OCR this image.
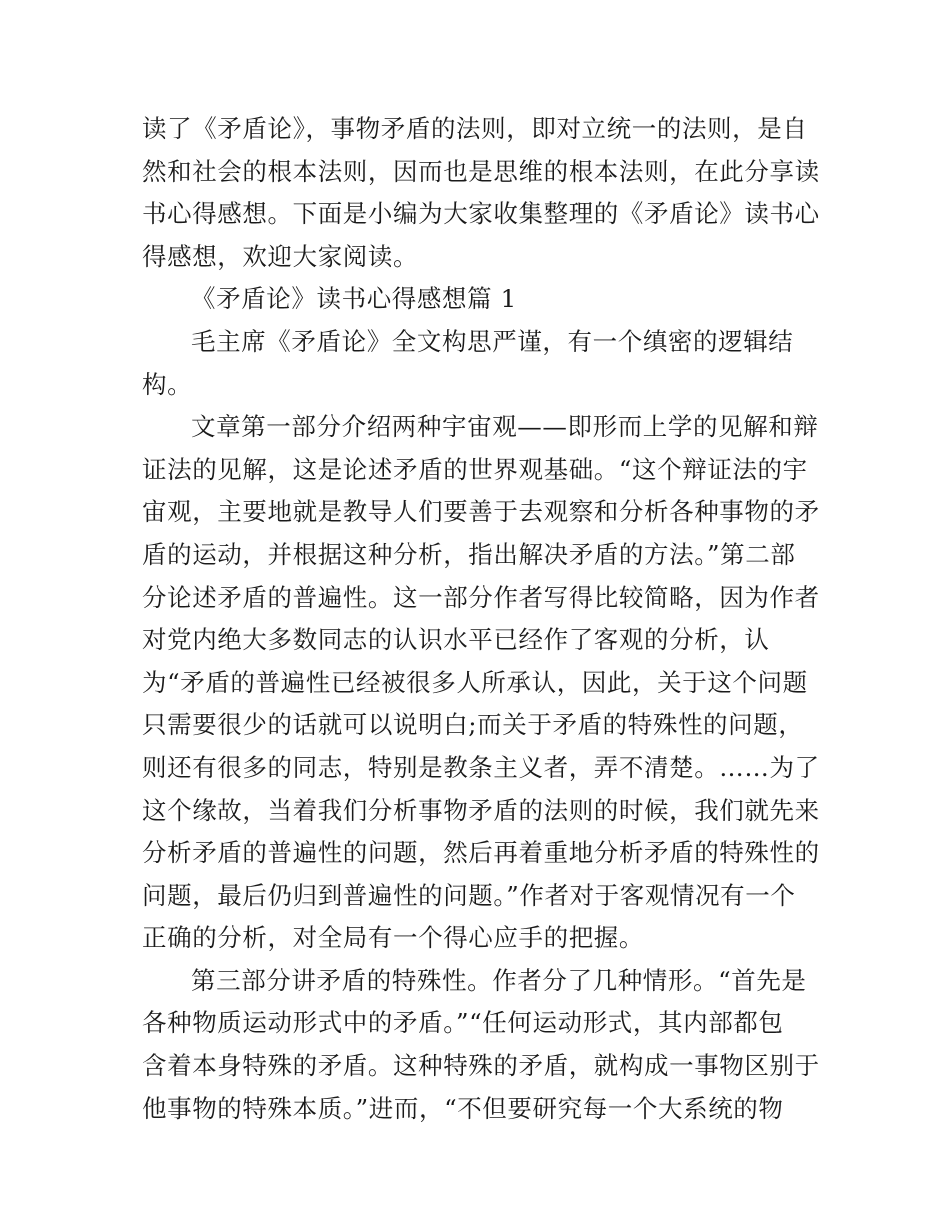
读了《矛盾论》，事物矛盾的法则，即对立统一的法则，是自
然和社会的根本法则，因而也是思维的根本法则，在此分享读
书心得感想。下面是小编为大家收集整理的《矛盾论》读书心
得感想，欢迎大家阅读。

《矛盾论》读书心得感想篇 1

毛主席《矛盾论》全文构思严谨，有一个缜密的逻辑结
构。

文章第一部分介绍两种宇宙观——即形而上学的见解和辩
证法的见解，这是论述矛盾的世界观基础。“这个辩证法的宇
宙观，主要地就是教导人们要善于去观察和分析各种事物的矛
盾的运动，并根据这种分析，指出解决矛盾的方法。”第二部
分论述矛盾的普遍性。这一部分作者写得比较简略，因为作者
对党内绝大多数同志的认识水平已经作了客观的分析，认
为“矛盾的普遍性已经被很多人所承认，因此，关于这个问题
只需要很少的话就可以说明白;而关于矛盾的特殊性的问题，
则还有很多的同志，特别是教条主义者，弄不清楚。……为了
这个缘故，当着我们分析事物矛盾的法则的时候，我们就先来
分析矛盾的普遍性的问题，然后再着重地分析矛盾的特殊性的
问题，最后仍归到普遍性的问题。”作者对于客观情况有一个
正确的分析，对全局有一个得心应手的把握。

第三部分讲矛盾的特殊性。作者分了几种情形。“首先是
各种物质运动形式中的矛盾。”“任何运动形式，其内部都包
含着本身特殊的矛盾。这种特殊的矛盾，就构成一事物区别于
他事物的特殊本质。”进而，“不但要研究每一个大系统的物
